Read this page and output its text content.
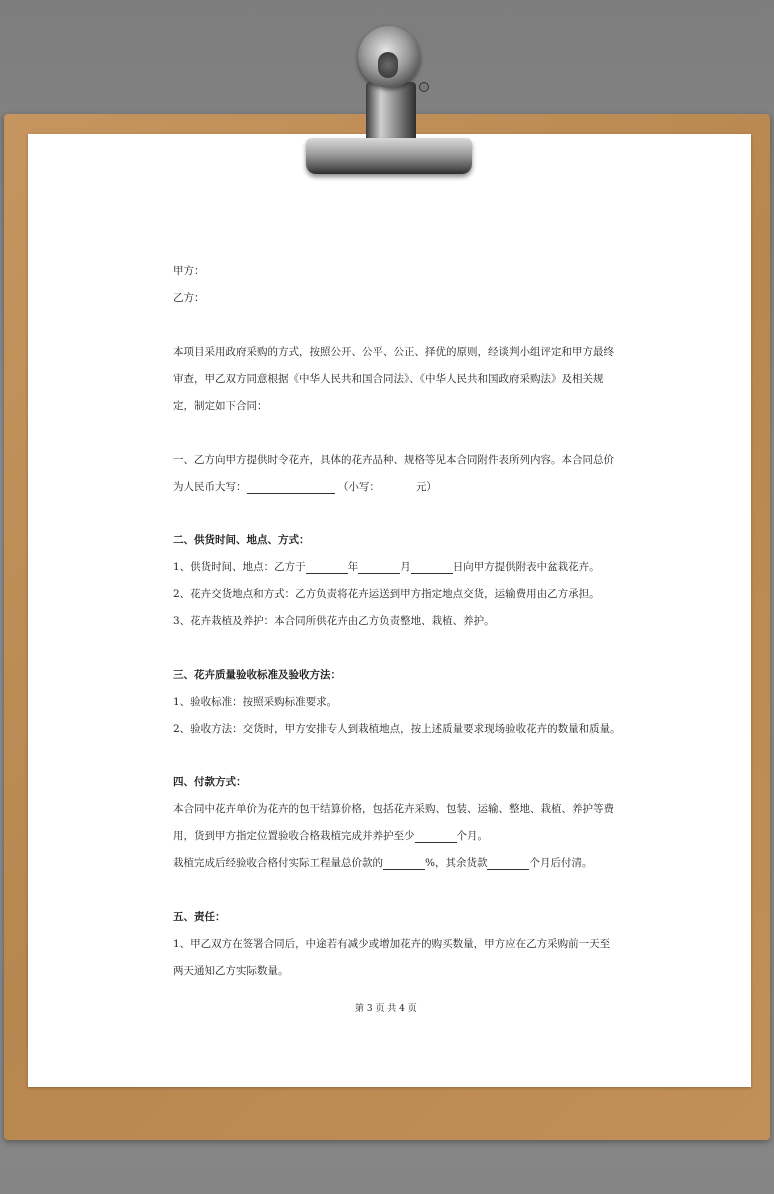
甲方：
乙方：
本项目采用政府采购的方式，按照公开、公平、公正、择优的原则，经谈判小组评定和甲方最终
审查，甲乙双方同意根据《中华人民共和国合同法》、《中华人民共和国政府采购法》及相关规
定，制定如下合同：
一、乙方向甲方提供时令花卉，具体的花卉品种、规格等见本合同附件表所列内容。本合同总价
为人民币大写：	（小写：	元）
二、供货时间、地点、方式：
1、供货时间、地点：乙方于	年	月	日向甲方提供附表中盆栽花卉。
2、花卉交货地点和方式：乙方负责将花卉运送到甲方指定地点交货，运输费用由乙方承担。
3、花卉栽植及养护：本合同所供花卉由乙方负责整地、栽植、养护。
三、花卉质量验收标准及验收方法：
1、验收标准：按照采购标准要求。
2、验收方法：交货时，甲方安排专人到栽植地点，按上述质量要求现场验收花卉的数量和质量。
四、付款方式：
本合同中花卉单价为花卉的包干结算价格，包括花卉采购、包装、运输、整地、栽植、养护等费
用，货到甲方指定位置验收合格栽植完成并养护至少	个月。
栽植完成后经验收合格付实际工程量总价款的	%，其余货款	个月后付清。
五、责任：
1、甲乙双方在签署合同后，中途若有减少或增加花卉的购买数量，甲方应在乙方采购前一天至
两天通知乙方实际数量。
第 3 页 共 4 页
